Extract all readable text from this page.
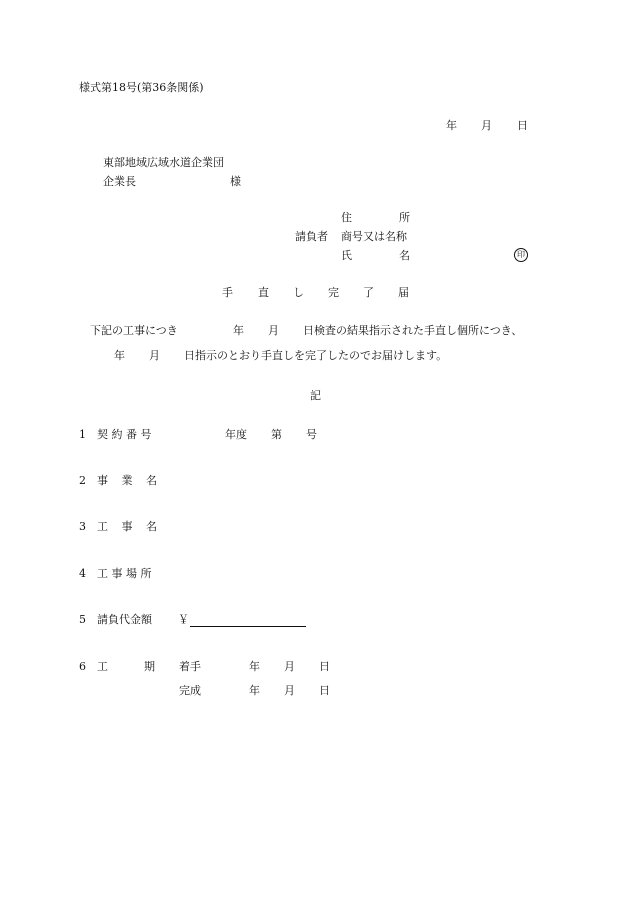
様式第18号(第36条関係)
年 月 日
東部地域広域水道企業団
企業長	様
住	所
請負者 商号又は名称
氏	名	印
手 直 し 完 了 届
下記の工事につき	年 月 日検査の結果指示された手直し個所につき、
年 月 日指示のとおり手直しを完了したのでお届けします。
記
1 契 約 番 号	年度 第 号
2 事 業 名
3 工 事 名
4 工 事 場 所
5 請負代金額 ￥
6 工	期 着手	年 月 日
完成	年 月 日
